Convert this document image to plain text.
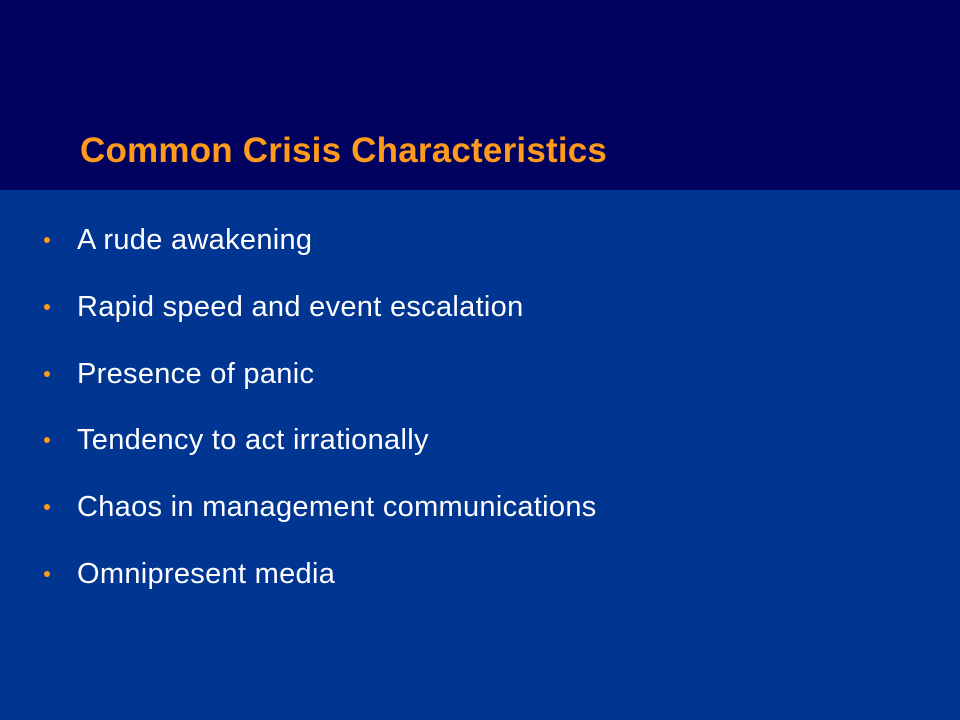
Common Crisis Characteristics
A rude awakening
Rapid speed and event escalation
Presence of panic
Tendency to act irrationally
Chaos in management communications
Omnipresent media
